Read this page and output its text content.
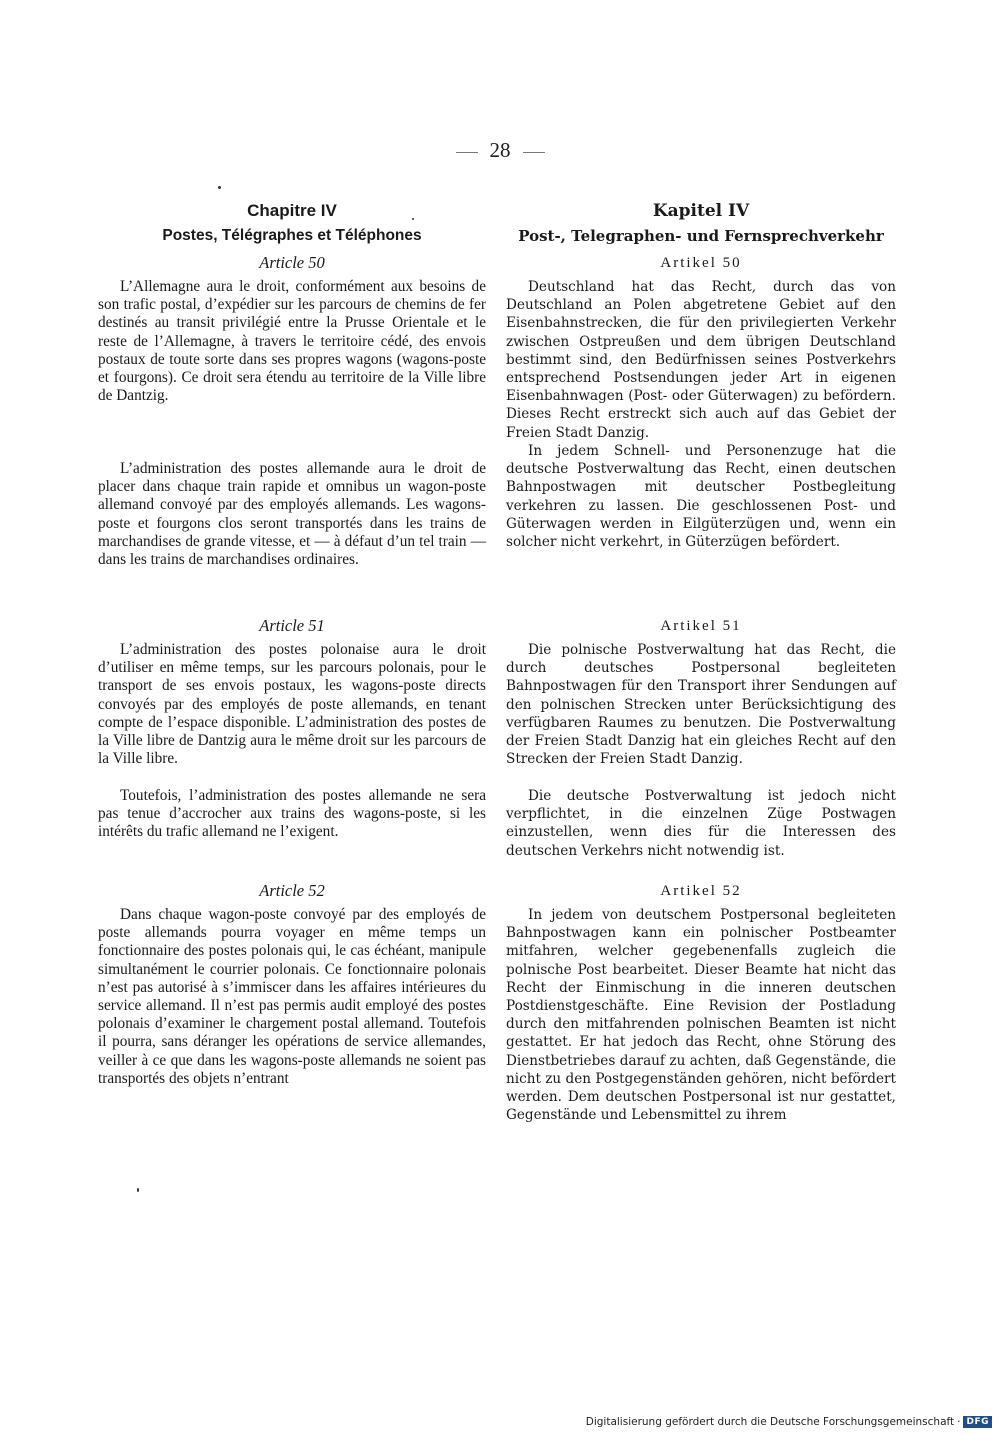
28
Chapitre IV
Postes, Télégraphes et Téléphones
Article 50

L’Allemagne aura le droit, conformément aux besoins de son trafic postal, d’expédier sur les parcours de chemins de fer destinés au transit privilégié entre la Prusse Orientale et le reste de l’Allemagne, à travers le territoire cédé, des envois postaux de toute sorte dans ses propres wagons (wagons-poste et fourgons). Ce droit sera étendu au territoire de la Ville libre de Dantzig.

L’administration des postes allemande aura le droit de placer dans chaque train rapide et omnibus un wagon-poste allemand convoyé par des employés allemands. Les wagons-poste et fourgons clos seront transportés dans les trains de marchandises de grande vitesse, et — à défaut d’un tel train — dans les trains de marchandises ordinaires.

Article 51

L’administration des postes polonaise aura le droit d’utiliser en même temps, sur les parcours polonais, pour le transport de ses envois postaux, les wagons-poste directs convoyés par des employés de poste allemands, en tenant compte de l’espace disponible. L’administration des postes de la Ville libre de Dantzig aura le même droit sur les parcours de la Ville libre.

Toutefois, l’administration des postes allemande ne sera pas tenue d’accrocher aux trains des wagons-poste, si les intérêts du trafic allemand ne l’exigent.

Article 52

Dans chaque wagon-poste convoyé par des employés de poste allemands pourra voyager en même temps un fonctionnaire des postes polonais qui, le cas échéant, manipule simultanément le courrier polonais. Ce fonctionnaire polonais n’est pas autorisé à s’immiscer dans les affaires intérieures du service allemand. Il n’est pas permis audit employé des postes polonais d’examiner le chargement postal allemand. Toutefois il pourra, sans déranger les opérations de service allemandes, veiller à ce que dans les wagons-poste allemands ne soient pas transportés des objets n’entrant

Kapitel IV
Post-, Telegraphen- und Fernsprechverkehr
Artikel 50

Deutschland hat das Recht, durch das von Deutschland an Polen abgetretene Gebiet auf den Eisenbahnstrecken, die für den privilegierten Verkehr zwischen Ostpreußen und dem übrigen Deutschland bestimmt sind, den Bedürfnissen seines Postverkehrs entsprechend Postsendungen jeder Art in eigenen Eisenbahnwagen (Post- oder Güterwagen) zu befördern. Dieses Recht erstreckt sich auch auf das Gebiet der Freien Stadt Danzig.

In jedem Schnell- und Personenzuge hat die deutsche Postverwaltung das Recht, einen deutschen Bahnpostwagen mit deutscher Postbegleitung verkehren zu lassen. Die geschlossenen Post- und Güterwagen werden in Eilgüterzügen und, wenn ein solcher nicht verkehrt, in Güterzügen befördert.

Artikel 51

Die polnische Postverwaltung hat das Recht, die durch deutsches Postpersonal begleiteten Bahnpostwagen für den Transport ihrer Sendungen auf den polnischen Strecken unter Berücksichtigung des verfügbaren Raumes zu benutzen. Die Postverwaltung der Freien Stadt Danzig hat ein gleiches Recht auf den Strecken der Freien Stadt Danzig.

Die deutsche Postverwaltung ist jedoch nicht verpflichtet, in die einzelnen Züge Postwagen einzustellen, wenn dies für die Interessen des deutschen Verkehrs nicht notwendig ist.

Artikel 52

In jedem von deutschem Postpersonal begleiteten Bahnpostwagen kann ein polnischer Postbeamter mitfahren, welcher gegebenenfalls zugleich die polnische Post bearbeitet. Dieser Beamte hat nicht das Recht der Einmischung in die inneren deutschen Postdienstgeschäfte. Eine Revision der Postladung durch den mitfahrenden polnischen Beamten ist nicht gestattet. Er hat jedoch das Recht, ohne Störung des Dienstbetriebes darauf zu achten, daß Gegenstände, die nicht zu den Postgegenständen gehören, nicht befördert werden. Dem deutschen Postpersonal ist nur gestattet, Gegenstände und Lebensmittel zu ihrem

Digitalisierung gefördert durch die Deutsche Forschungsgemeinschaft · DFG
